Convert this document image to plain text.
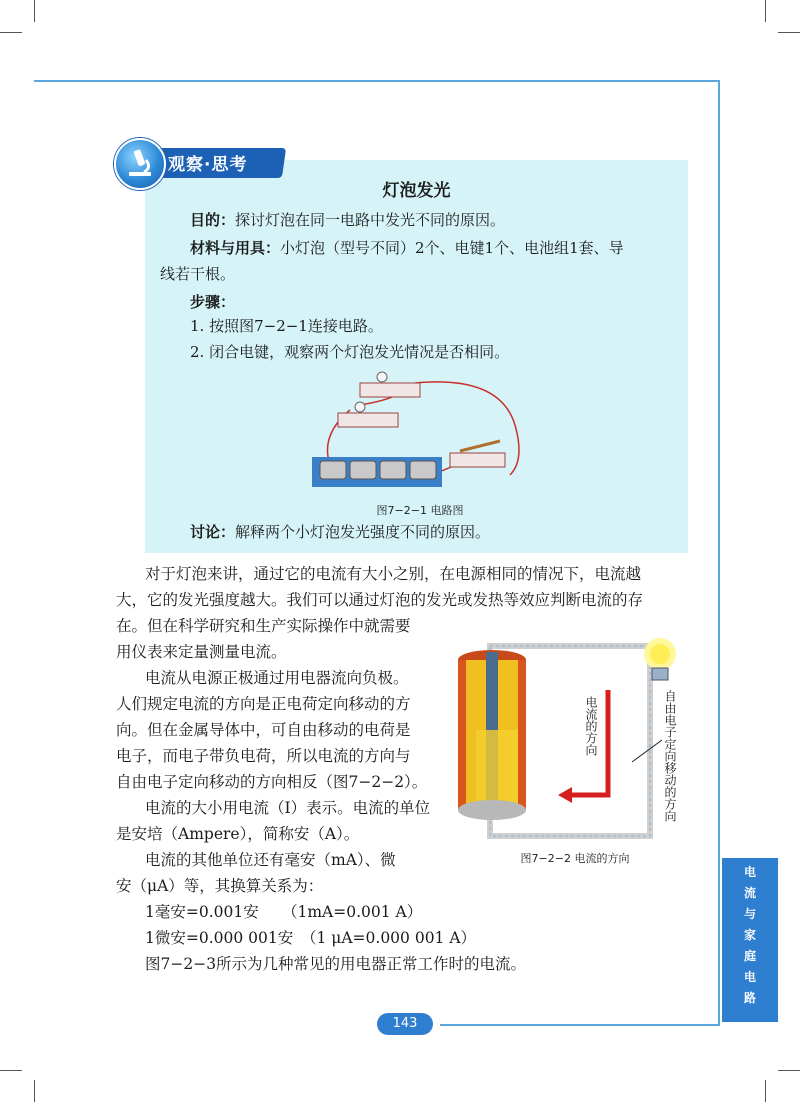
观察·思考
灯泡发光
目的：探讨灯泡在同一电路中发光不同的原因。
材料与用具：小灯泡（型号不同）2个、电键1个、电池组1套、导
线若干根。
步骤：
1. 按照图7−2−1连接电路。
2. 闭合电键，观察两个灯泡发光情况是否相同。
图7−2−1 电路图
讨论：解释两个小灯泡发光强度不同的原因。
对于灯泡来讲，通过它的电流有大小之别，在电源相同的情况下，电流越
大，它的发光强度越大。我们可以通过灯泡的发光或发热等效应判断电流的存
在。但在科学研究和生产实际操作中就需要
用仪表来定量测量电流。
电流从电源正极通过用电器流向负极。
人们规定电流的方向是正电荷定向移动的方
向。但在金属导体中，可自由移动的电荷是
电子，而电子带负电荷，所以电流的方向与
自由电子定向移动的方向相反（图7−2−2）。
电流的大小用电流（I）表示。电流的单位
是安培（Ampere），简称安（A）。
电流的其他单位还有毫安（mA）、微
安（μA）等，其换算关系为：
1毫安=0.001安　　（1mA=0.001 A）
1微安=0.000 001安　（1 μA=0.000 001 A）
图7−2−3所示为几种常见的用电器正常工作时的电流。
电流的方向	自由电子定向移动的方向
图7−2−2 电流的方向
电
流
与
家
庭
电
路
143
